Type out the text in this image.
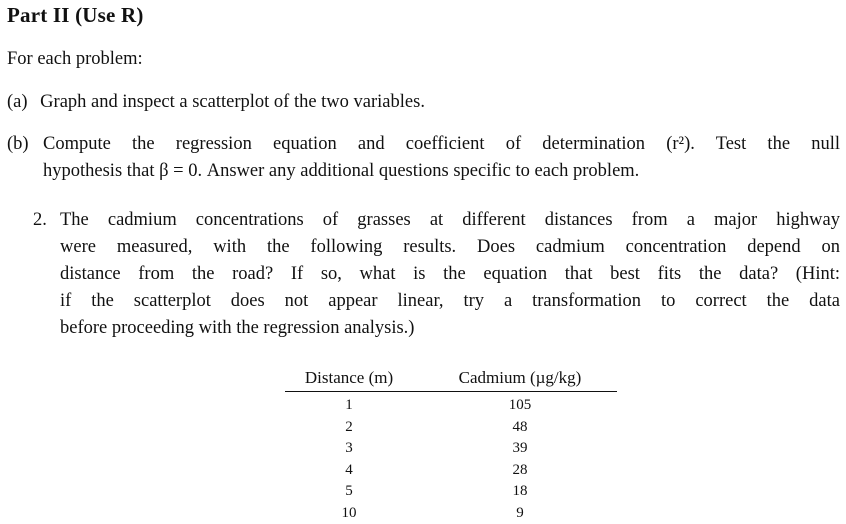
Part II (Use R)
For each problem:
(a) Graph and inspect a scatterplot of the two variables.
(b) Compute the regression equation and coefficient of determination (r²). Test the null
hypothesis that β = 0. Answer any additional questions specific to each problem.
2. The cadmium concentrations of grasses at different distances from a major highway
were measured, with the following results. Does cadmium concentration depend on
distance from the road? If so, what is the equation that best fits the data? (Hint:
if the scatterplot does not appear linear, try a transformation to correct the data
before proceeding with the regression analysis.)
Distance (m)	Cadmium (µg/kg)
1
2
3
4
5
10
105
48
39
28
18
9
